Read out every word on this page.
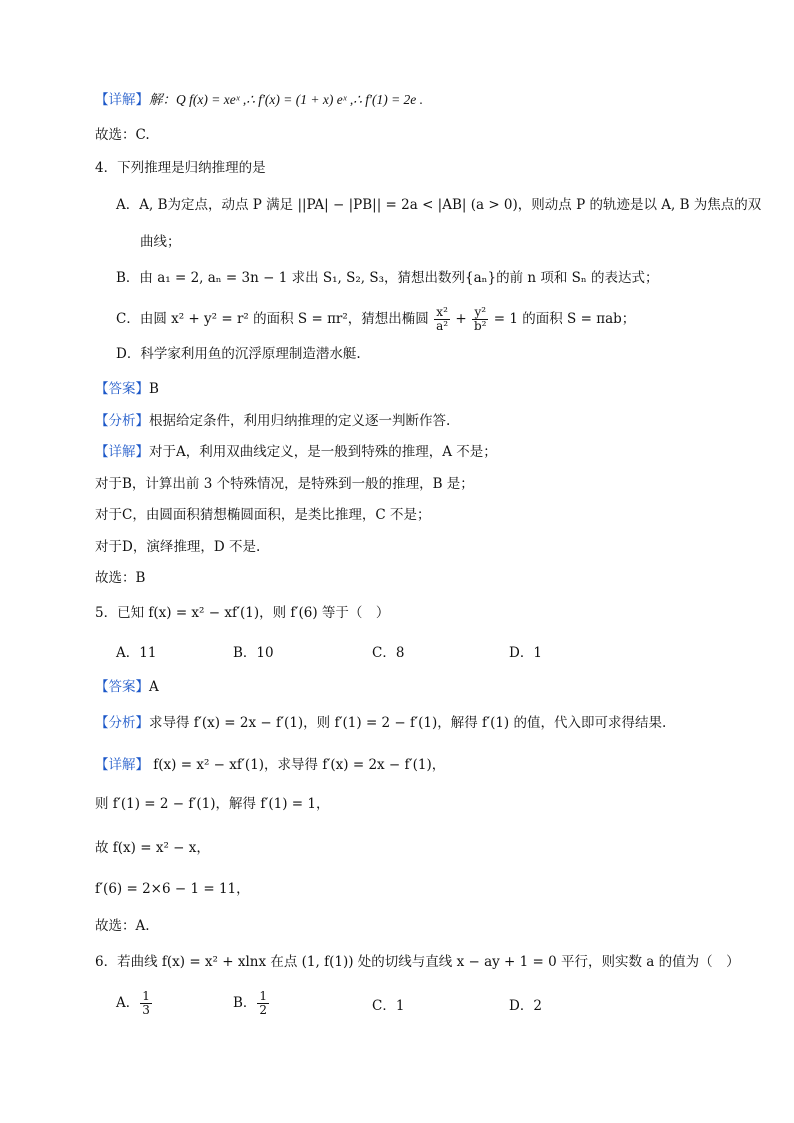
【详解】解：Q f(x) = xeˣ ,∴ f′(x) = (1 + x) eˣ ,∴ f′(1) = 2e .
故选：C.
4．下列推理是归纳推理的是
A．A, B为定点，动点 P 满足 ||PA| − |PB|| = 2a < |AB| (a > 0)，则动点 P 的轨迹是以 A, B 为焦点的双
曲线；
B．由 a₁ = 2, aₙ = 3n − 1 求出 S₁, S₂, S₃，猜想出数列{aₙ}的前 n 项和 Sₙ 的表达式；
C．由圆 x² + y² = r² 的面积 S = πr²，猜想出椭圆 $\frac{\text{x²}}{\text{a²}} + \frac{\text{y²}}{\text{b²}} = 1$ 的面积 S = πab；
D．科学家利用鱼的沉浮原理制造潜水艇.
【答案】B
【分析】根据给定条件，利用归纳推理的定义逐一判断作答.
【详解】对于A，利用双曲线定义，是一般到特殊的推理，A 不是；
对于B，计算出前 3 个特殊情况，是特殊到一般的推理，B 是；
对于C，由圆面积猜想椭圆面积，是类比推理，C 不是；
对于D，演绎推理，D 不是.
故选：B
5．已知 f(x) = x² − xf′(1)，则 f′(6) 等于（　）
A．11	B．10	C．8	D．1
【答案】A
【分析】求导得 f′(x) = 2x − f′(1)，则 f′(1) = 2 − f′(1)，解得 f′(1) 的值，代入即可求得结果.
【详解】 f(x) = x² − xf′(1)，求导得 f′(x) = 2x − f′(1)，
则 f′(1) = 2 − f′(1)，解得 f′(1) = 1，
故 f(x) = x² − x，
f′(6) = 2×6 − 1 = 11，
故选：A.
6．若曲线 f(x) = x² + xlnx 在点 (1, f(1)) 处的切线与直线 x − ay + 1 = 0 平行，则实数 a 的值为（　）
A． $\frac{1}{3}$	B． $\frac{1}{2}$	C．1	D．2
